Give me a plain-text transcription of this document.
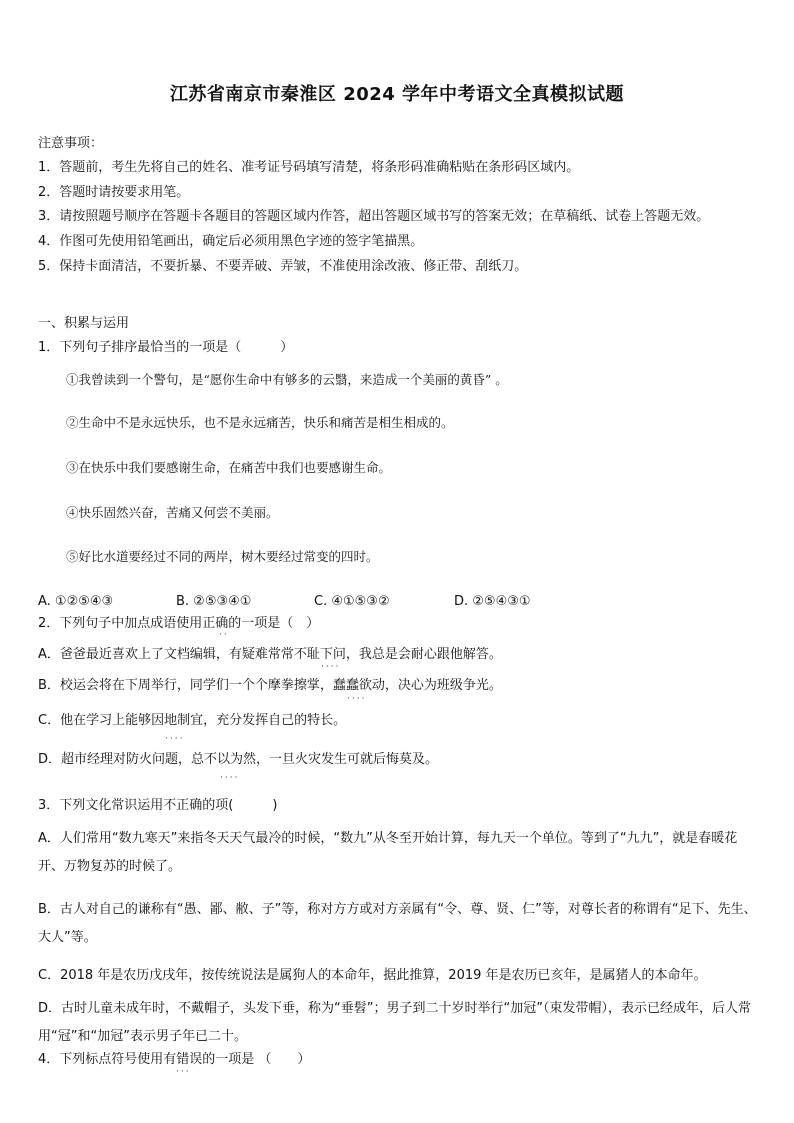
江苏省南京市秦淮区 2024 学年中考语文全真模拟试题
注意事项：
1．答题前，考生先将自己的姓名、准考证号码填写清楚，将条形码准确粘贴在条形码区域内。
2．答题时请按要求用笔。
3．请按照题号顺序在答题卡各题目的答题区域内作答，超出答题区域书写的答案无效；在草稿纸、试卷上答题无效。
4．作图可先使用铅笔画出，确定后必须用黑色字迹的签字笔描黑。
5．保持卡面清洁，不要折暴、不要弄破、弄皱，不准使用涂改液、修正带、刮纸刀。
一、积累与运用
1．下列句子排序最恰当的一项是（　　　）
①我曾读到一个警句，是“愿你生命中有够多的云翳，来造成一个美丽的黄昏” 。
②生命中不是永远快乐，也不是永远痛苦，快乐和痛苦是相生相成的。
③在快乐中我们要感谢生命，在痛苦中我们也要感谢生命。
④快乐固然兴奋，苦痛又何尝不美丽。
⑤好比水道要经过不同的两岸，树木要经过常变的四时。
A. ①②⑤④③	B. ②⑤③④①	C. ④①⑤③②	D. ②⑤④③①
2．下列句子中加点成语使用正确的一项是（　）
··
A．爸爸最近喜欢上了文档编辑，有疑难常常不耻下问，我总是会耐心跟他解答。
····
B．校运会将在下周举行，同学们一个个摩拳擦掌，蠢蠢欲动，决心为班级争光。
····
C．他在学习上能够因地制宜，充分发挥自己的特长。
····
D．超市经理对防火问题，总不以为然，一旦火灾发生可就后悔莫及。
····
3．下列文化常识运用不正确的项(　　　)
A．人们常用“数九寒天”来指冬天天气最冷的时候，“数九”从冬至开始计算，每九天一个单位。等到了“九九”，就是春暖花开、万物复苏的时候了。
B．古人对自己的谦称有“愚、鄙、敝、子”等，称对方方或对方亲属有“令、尊、贤、仁”等，对尊长者的称谓有“足下、先生、大人”等。
C．2018 年是农历戊戌年，按传统说法是属狗人的本命年，据此推算，2019 年是农历已亥年，是属猪人的本命年。
D．古时儿童未成年时，不戴帽子，头发下垂，称为“垂髫”；男子到二十岁时举行“加冠”（束发带帽），表示已经成年，后人常用“冠”和“加冠”表示男子年已二十。
4．下列标点符号使用有错误的一项是 （　　）
···
